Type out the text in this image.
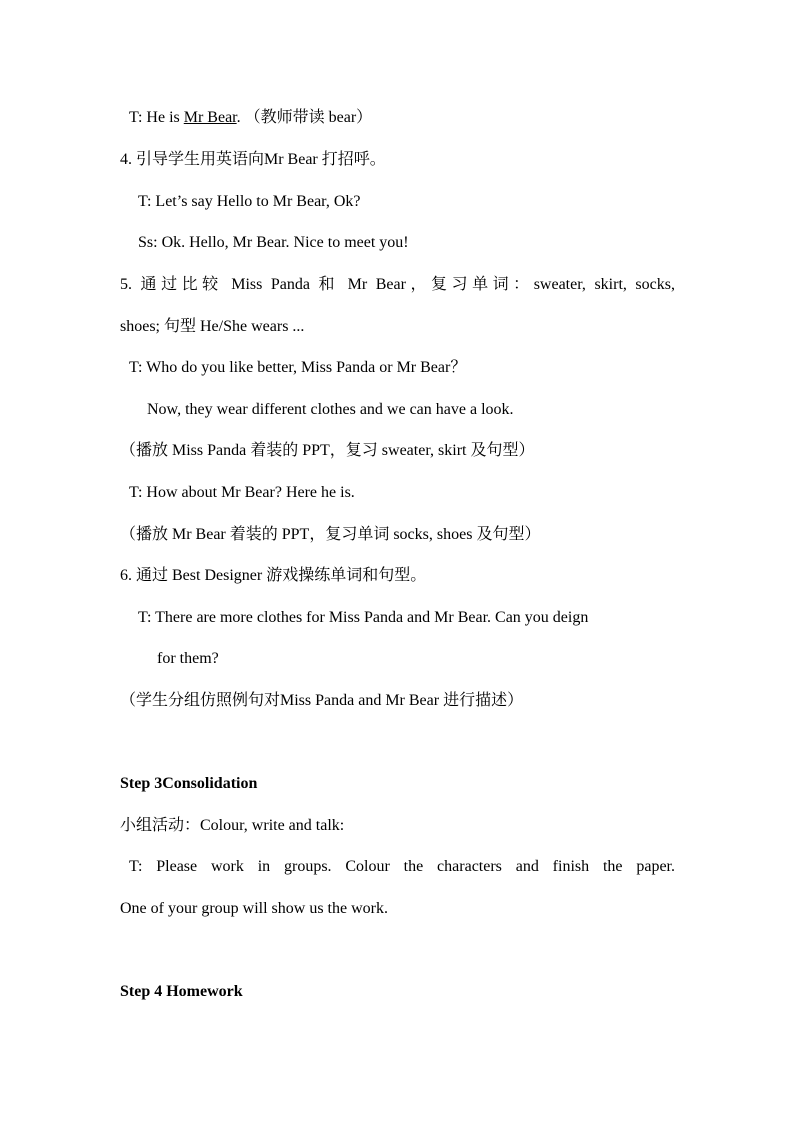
T: He is Mr Bear. （教师带读 bear）
4. 引导学生用英语向Mr Bear 打招呼。
T: Let’s say Hello to Mr Bear, Ok?
Ss: Ok. Hello, Mr Bear. Nice to meet you!
5. 通过比较 Miss Panda 和 Mr Bear，复习单词：sweater, skirt, socks,
shoes; 句型 He/She wears ...
T: Who do you like better, Miss Panda or Mr Bear？
Now, they wear different clothes and we can have a look.
（播放 Miss Panda 着装的 PPT，复习 sweater, skirt 及句型）
T: How about Mr Bear? Here he is.
（播放 Mr Bear 着装的 PPT，复习单词 socks, shoes 及句型）
6. 通过 Best Designer 游戏操练单词和句型。
T: There are more clothes for Miss Panda and Mr Bear. Can you deign
for them?
（学生分组仿照例句对Miss Panda and Mr Bear 进行描述）
Step 3Consolidation
小组活动：Colour, write and talk:
T: Please work in groups. Colour the characters and finish the paper.
One of your group will show us the work.
Step 4 Homework
